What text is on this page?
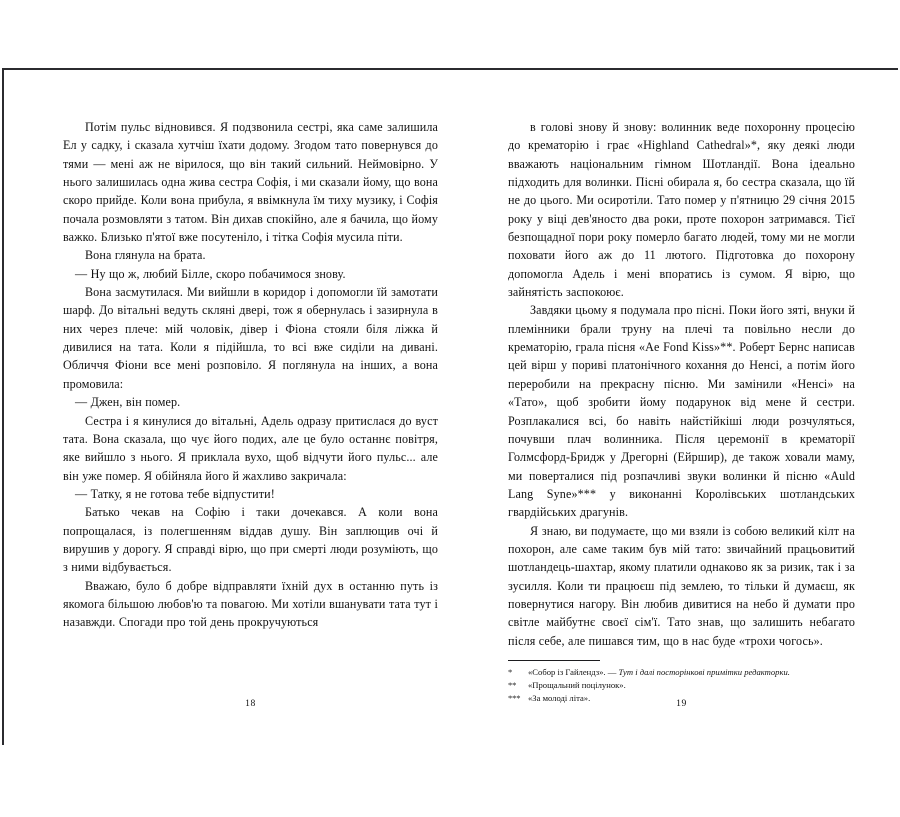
Потім пульс відновився. Я подзвонила сестрі, яка саме залишила Ел у садку, і сказала хутчіш їхати додому. Згодом тато повернувся до тями — мені аж не вірилося, що він такий сильний. Неймовірно. У нього залишилась одна жива сестра Софія, і ми сказали йому, що вона скоро прийде. Коли вона прибула, я ввімкнула їм тиху музику, і Софія почала розмовляти з татом. Він дихав спокійно, але я бачила, що йому важко. Близько п'ятої вже посутеніло, і тітка Софія мусила піти.

Вона глянула на брата.

— Ну що ж, любий Білле, скоро побачимося знову.

Вона засмутилася. Ми вийшли в коридор і допомогли їй замотати шарф. До вітальні ведуть скляні двері, тож я обернулась і зазирнула в них через плече: мій чоловік, дівер і Фіона стояли біля ліжка й дивилися на тата. Коли я підійшла, то всі вже сиділи на дивані. Обличчя Фіони все мені розповіло. Я поглянула на інших, а вона промовила:

— Джен, він помер.

Сестра і я кинулися до вітальні, Адель одразу притислася до вуст тата. Вона сказала, що чує його подих, але це було останнє повітря, яке вийшло з нього. Я приклала вухо, щоб відчути його пульс... але він уже помер. Я обійняла його й жахливо закричала:

— Татку, я не готова тебе відпустити!

Батько чекав на Софію і таки дочекався. А коли вона попрощалася, із полегшенням віддав душу. Він заплющив очі й вирушив у дорогу. Я справді вірю, що при смерті люди розуміють, що з ними відбувається.

Вважаю, було б добре відправляти їхній дух в останню путь із якомога більшою любов'ю та повагою. Ми хотіли вшанувати тата тут і назавжди. Спогади про той день прокручуються

в голові знову й знову: волинник веде похоронну процесію до крематорію і грає «Highland Cathedral»*, яку деякі люди вважають національним гімном Шотландії. Вона ідеально підходить для волинки. Пісні обирала я, бо сестра сказала, що їй не до цього. Ми осиротіли. Тато помер у п'ятницю 29 січня 2015 року у віці дев'яносто два роки, проте похорон затримався. Тієї безпощадної пори року померло багато людей, тому ми не могли поховати його аж до 11 лютого. Підготовка до похорону допомогла Адель і мені впоратись із сумом. Я вірю, що зайнятість заспокоює.

Завдяки цьому я подумала про пісні. Поки його зяті, внуки й племінники брали труну на плечі та повільно несли до крематорію, грала пісня «Ae Fond Kiss»**. Роберт Бернс написав цей вірш у пориві платонічного кохання до Ненсі, а потім його переробили на прекрасну пісню. Ми замінили «Ненсі» на «Тато», щоб зробити йому подарунок від мене й сестри. Розплакалися всі, бо навіть найстійкіші люди розчуляться, почувши плач волинника. Після церемонії в крематорії Голмсфорд-Бридж у Дрегорні (Ейршир), де також ховали маму, ми поверталися під розпачливі звуки волинки й пісню «Auld Lang Syne»*** у виконанні Королівських шотландських гвардійських драгунів.

Я знаю, ви подумаєте, що ми взяли із собою великий кілт на похорон, але саме таким був мій тато: звичайний працьовитий шотландець-шахтар, якому платили однаково як за ризик, так і за зусилля. Коли ти працюєш під землею, то тільки й думаєш, як повернутися нагору. Він любив дивитися на небо й думати про світле майбутнє своєї сім'ї. Тато знав, що залишить небагато після себе, але пишався тим, що в нас буде «трохи чогось».

*	«Собор із Гайлендз». — Тут і далі посторінкові примітки редакторки.
**	«Прощальний поцілунок».
*** «За молоді літа».
18	19
